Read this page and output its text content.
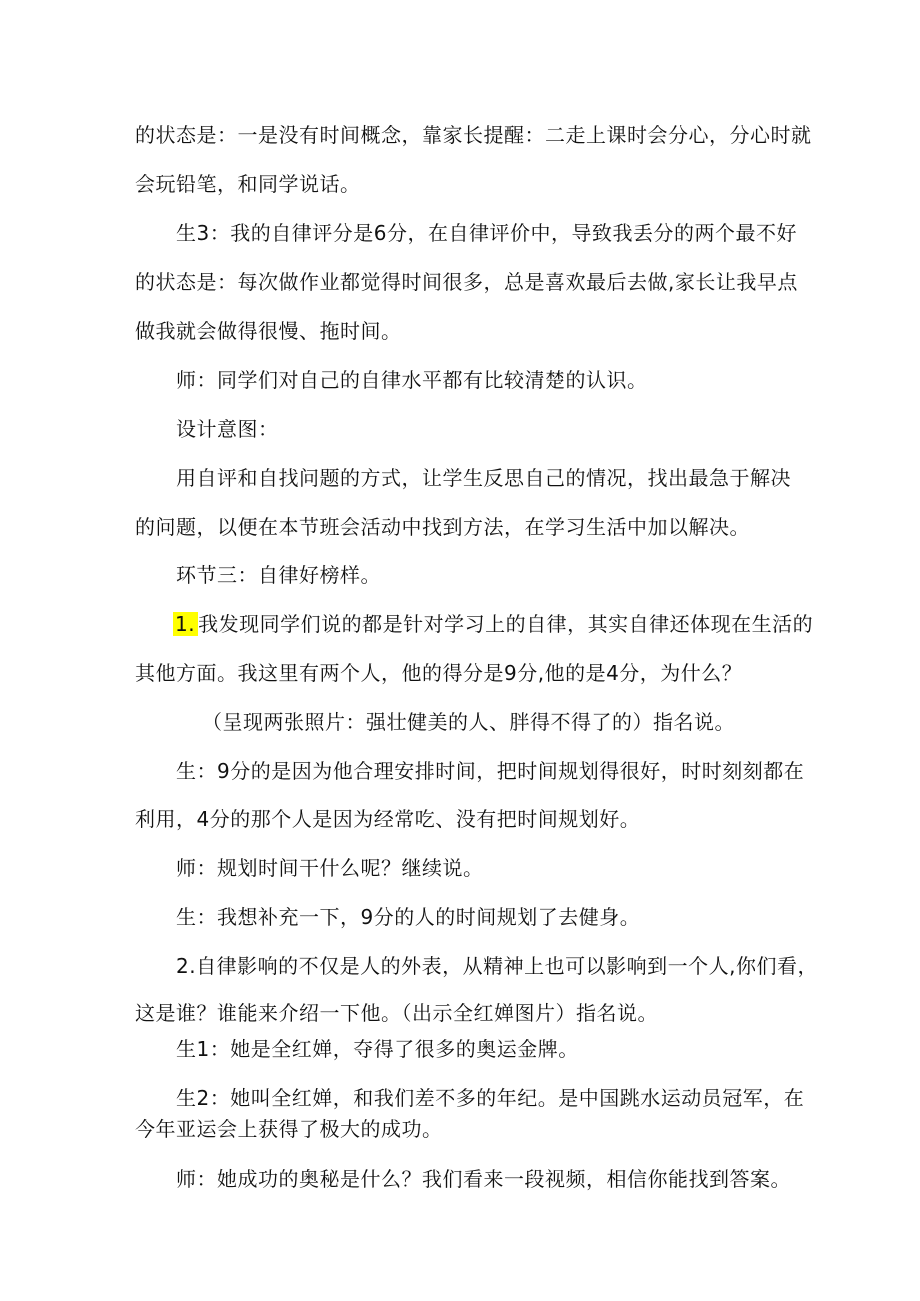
的状态是：一是没有时间概念，靠家长提醒：二走上课时会分心，分心时就
会玩铅笔，和同学说话。
生3：我的自律评分是6分，在自律评价中，导致我丢分的两个最不好
的状态是：每次做作业都觉得时间很多，总是喜欢最后去做,家长让我早点
做我就会做得很慢、拖时间。
师：同学们对自己的自律水平都有比较清楚的认识。
设计意图：
用自评和自找问题的方式，让学生反思自己的情况，找出最急于解决
的问题，以便在本节班会活动中找到方法，在学习生活中加以解决。
环节三：自律好榜样。
1. 我发现同学们说的都是针对学习上的自律，其实自律还体现在生活的
其他方面。我这里有两个人，他的得分是9分,他的是4分，为什么？
（呈现两张照片：强壮健美的人、胖得不得了的）指名说。
生：9分的是因为他合理安排时间，把时间规划得很好，时时刻刻都在
利用，4分的那个人是因为经常吃、没有把时间规划好。
师：规划时间干什么呢？继续说。
生：我想补充一下，9分的人的时间规划了去健身。
2.自律影响的不仅是人的外表，从精神上也可以影响到一个人,你们看，
这是谁？谁能来介绍一下他。（出示全红婵图片）指名说。
生1：她是全红婵，夺得了很多的奥运金牌。
生2：她叫全红婵，和我们差不多的年纪。是中国跳水运动员冠军，在
今年亚运会上获得了极大的成功。
师：她成功的奥秘是什么？我们看来一段视频，相信你能找到答案。
